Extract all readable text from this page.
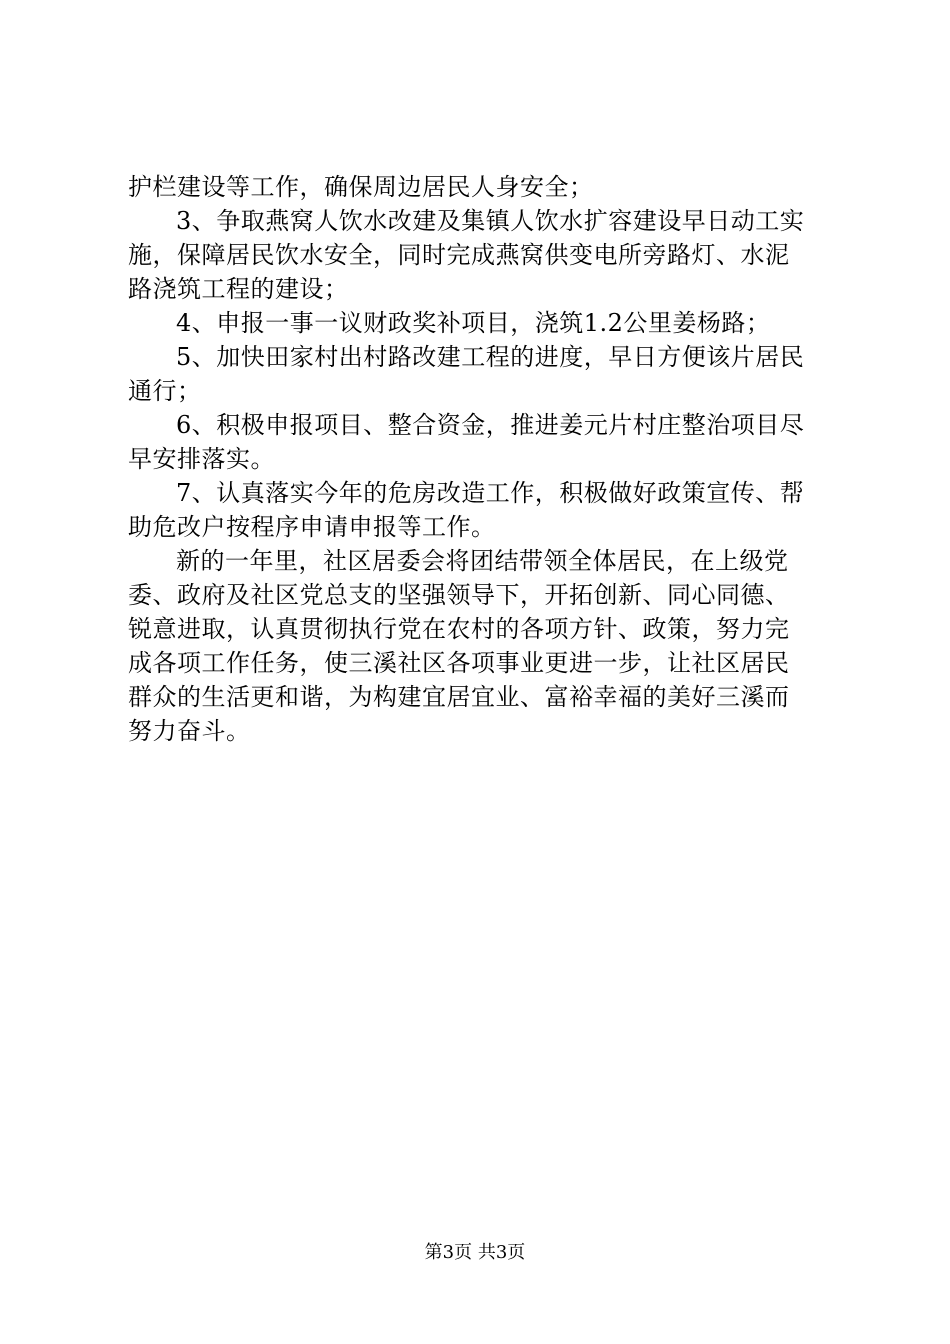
护栏建设等工作，确保周边居民人身安全；
3、争取燕窝人饮水改建及集镇人饮水扩容建设早日动工实
施，保障居民饮水安全，同时完成燕窝供变电所旁路灯、水泥
路浇筑工程的建设；
4、申报一事一议财政奖补项目，浇筑1.2公里姜杨路；
5、加快田家村出村路改建工程的进度，早日方便该片居民
通行；
6、积极申报项目、整合资金，推进姜元片村庄整治项目尽
早安排落实。
7、认真落实今年的危房改造工作，积极做好政策宣传、帮
助危改户按程序申请申报等工作。
新的一年里，社区居委会将团结带领全体居民，在上级党
委、政府及社区党总支的坚强领导下，开拓创新、同心同德、
锐意进取，认真贯彻执行党在农村的各项方针、政策，努力完
成各项工作任务，使三溪社区各项事业更进一步，让社区居民
群众的生活更和谐，为构建宜居宜业、富裕幸福的美好三溪而
努力奋斗。
第3页 共3页
